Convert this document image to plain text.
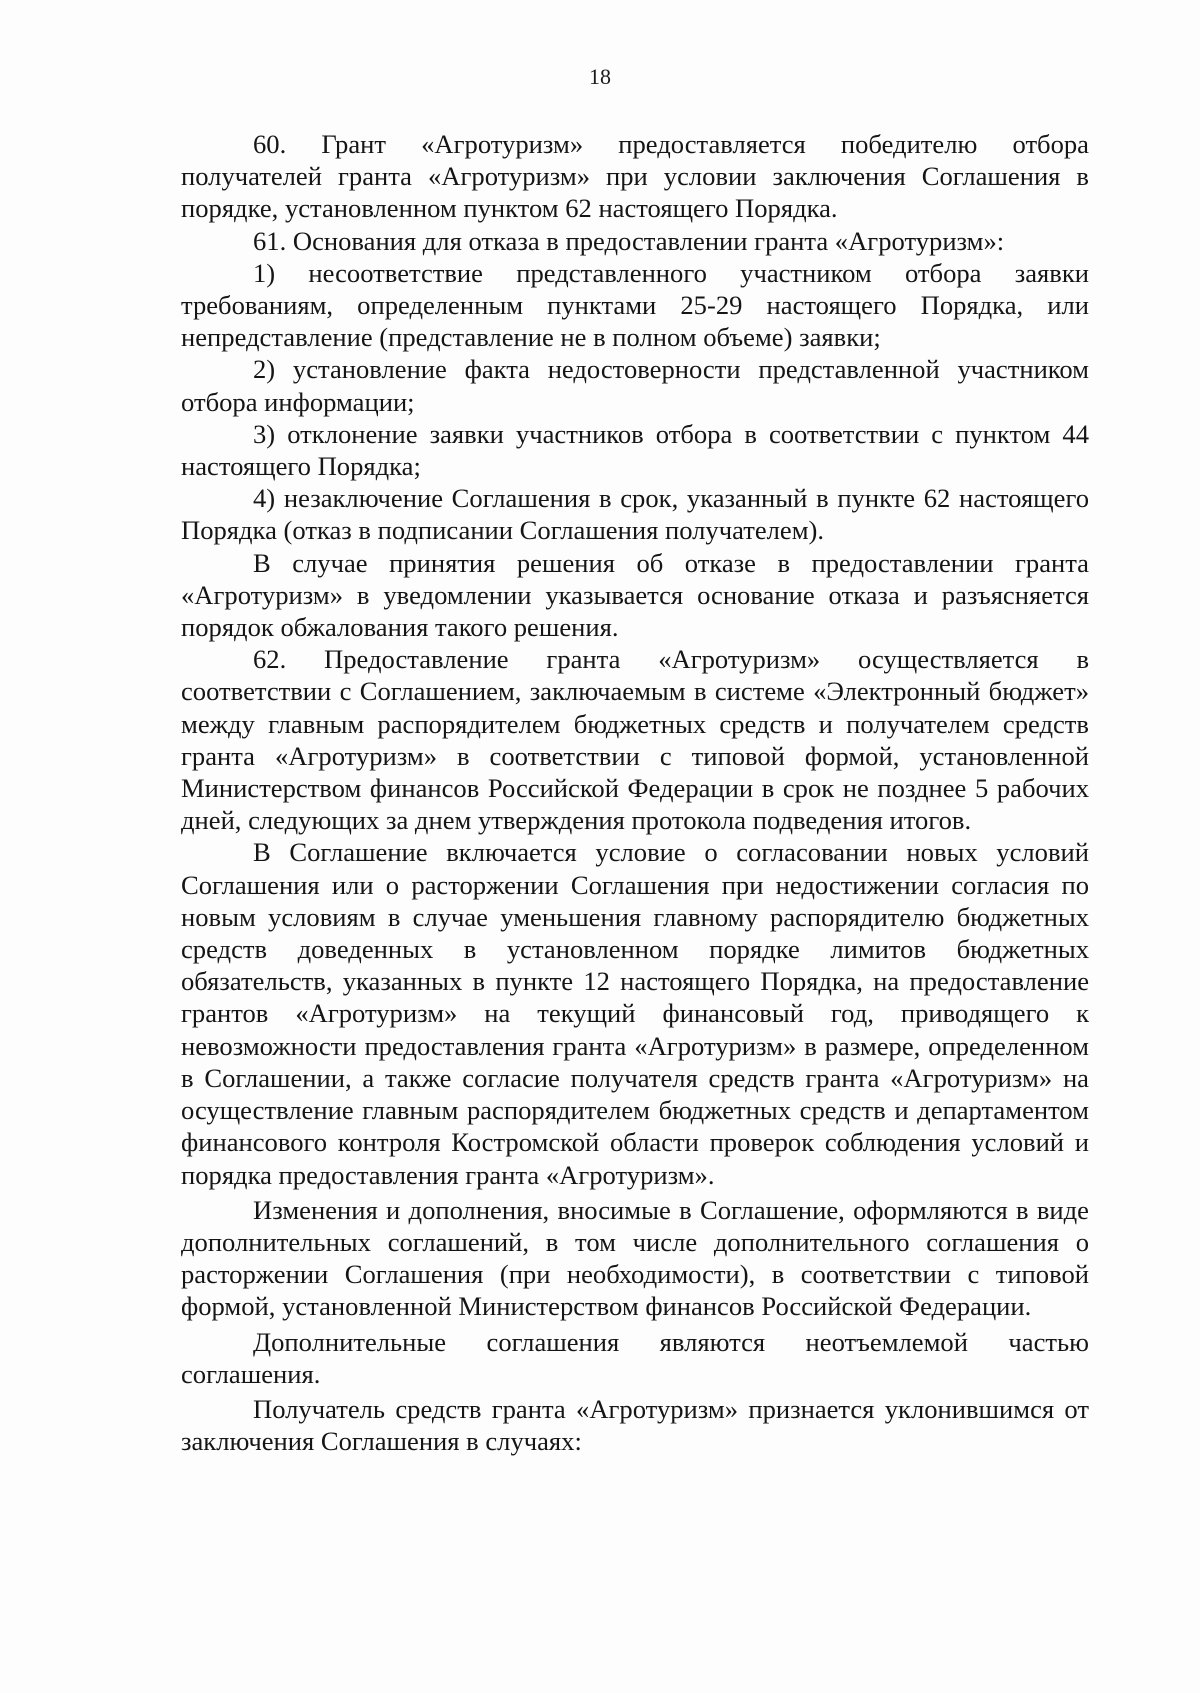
18

60. Грант «Агротуризм» предоставляется победителю отбора получателей гранта «Агротуризм» при условии заключения Соглашения в порядке, установленном пунктом 62 настоящего Порядка.

61. Основания для отказа в предоставлении гранта «Агротуризм»:

1) несоответствие представленного участником отбора заявки требованиям, определенным пунктами 25-29 настоящего Порядка, или непредставление (представление не в полном объеме) заявки;

2) установление факта недостоверности представленной участником отбора информации;

3) отклонение заявки участников отбора в соответствии с пунктом 44 настоящего Порядка;

4) незаключение Соглашения в срок, указанный в пункте 62 настоящего Порядка (отказ в подписании Соглашения получателем).

В случае принятия решения об отказе в предоставлении гранта «Агротуризм» в уведомлении указывается основание отказа и разъясняется порядок обжалования такого решения.

62. Предоставление гранта «Агротуризм» осуществляется в соответствии с Соглашением, заключаемым в системе «Электронный бюджет» между главным распорядителем бюджетных средств и получателем средств гранта «Агротуризм» в соответствии с типовой формой, установленной Министерством финансов Российской Федерации в срок не позднее 5 рабочих дней, следующих за днем утверждения протокола подведения итогов.

В Соглашение включается условие о согласовании новых условий Соглашения или о расторжении Соглашения при недостижении согласия по новым условиям в случае уменьшения главному распорядителю бюджетных средств доведенных в установленном порядке лимитов бюджетных обязательств, указанных в пункте 12 настоящего Порядка, на предоставление грантов «Агротуризм» на текущий финансовый год, приводящего к невозможности предоставления гранта «Агротуризм» в размере, определенном в Соглашении, а также согласие получателя средств гранта «Агротуризм» на осуществление главным распорядителем бюджетных средств и департаментом финансового контроля Костромской области проверок соблюдения условий и порядка предоставления гранта «Агротуризм».

Изменения и дополнения, вносимые в Соглашение, оформляются в виде дополнительных соглашений, в том числе дополнительного соглашения о расторжении Соглашения (при необходимости), в соответствии с типовой формой, установленной Министерством финансов Российской Федерации.

Дополнительные соглашения являются неотъемлемой частью соглашения.

Получатель средств гранта «Агротуризм» признается уклонившимся от заключения Соглашения в случаях:
